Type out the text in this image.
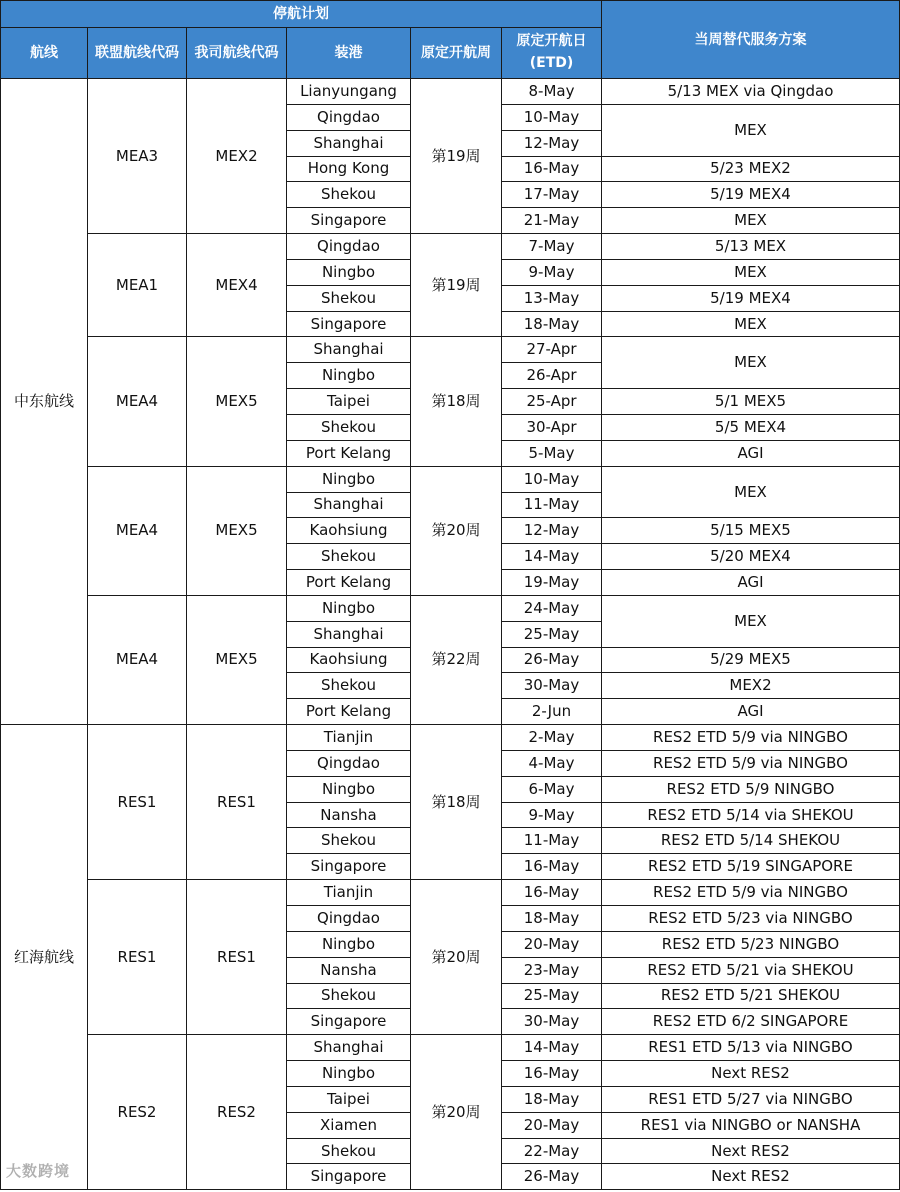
停航计划						当周替代服务方案
航线	联盟航线代码	我司航线代码	装港	原定开航周	原定开航日
(ETD)	
中东航线	MEA3	MEX2	Lianyungang	第19周	8-May	5/13 MEX via Qingdao
			Qingdao		10-May	MEX
			Shanghai		12-May	
			Hong Kong		16-May	5/23 MEX2
			Shekou		17-May	5/19 MEX4
			Singapore		21-May	MEX
	MEA1	MEX4	Qingdao	第19周	7-May	5/13 MEX
			Ningbo		9-May	MEX
			Shekou		13-May	5/19 MEX4
			Singapore		18-May	MEX
	MEA4	MEX5	Shanghai	第18周	27-Apr	MEX
			Ningbo		26-Apr	
			Taipei		25-Apr	5/1 MEX5
			Shekou		30-Apr	5/5 MEX4
			Port Kelang		5-May	AGI
	MEA4	MEX5	Ningbo	第20周	10-May	MEX
			Shanghai		11-May	
			Kaohsiung		12-May	5/15 MEX5
			Shekou		14-May	5/20 MEX4
			Port Kelang		19-May	AGI
	MEA4	MEX5	Ningbo	第22周	24-May	MEX
			Shanghai		25-May	
			Kaohsiung		26-May	5/29 MEX5
			Shekou		30-May	MEX2
			Port Kelang		2-Jun	AGI
红海航线	RES1	RES1	Tianjin	第18周	2-May	RES2 ETD 5/9 via NINGBO
			Qingdao		4-May	RES2 ETD 5/9 via NINGBO
			Ningbo		6-May	RES2 ETD 5/9 NINGBO
			Nansha		9-May	RES2 ETD 5/14 via SHEKOU
			Shekou		11-May	RES2 ETD 5/14 SHEKOU
			Singapore		16-May	RES2 ETD 5/19 SINGAPORE
	RES1	RES1	Tianjin	第20周	16-May	RES2 ETD 5/9 via NINGBO
			Qingdao		18-May	RES2 ETD 5/23 via NINGBO
			Ningbo		20-May	RES2 ETD 5/23 NINGBO
			Nansha		23-May	RES2 ETD 5/21 via SHEKOU
			Shekou		25-May	RES2 ETD 5/21 SHEKOU
			Singapore		30-May	RES2 ETD 6/2 SINGAPORE
	RES2	RES2	Shanghai	第20周	14-May	RES1 ETD 5/13 via NINGBO
			Ningbo		16-May	Next RES2
			Taipei		18-May	RES1 ETD 5/27 via NINGBO
			Xiamen		20-May	RES1 via NINGBO or NANSHA
			Shekou		22-May	Next RES2
			Singapore		26-May	Next RES2
大数跨境
